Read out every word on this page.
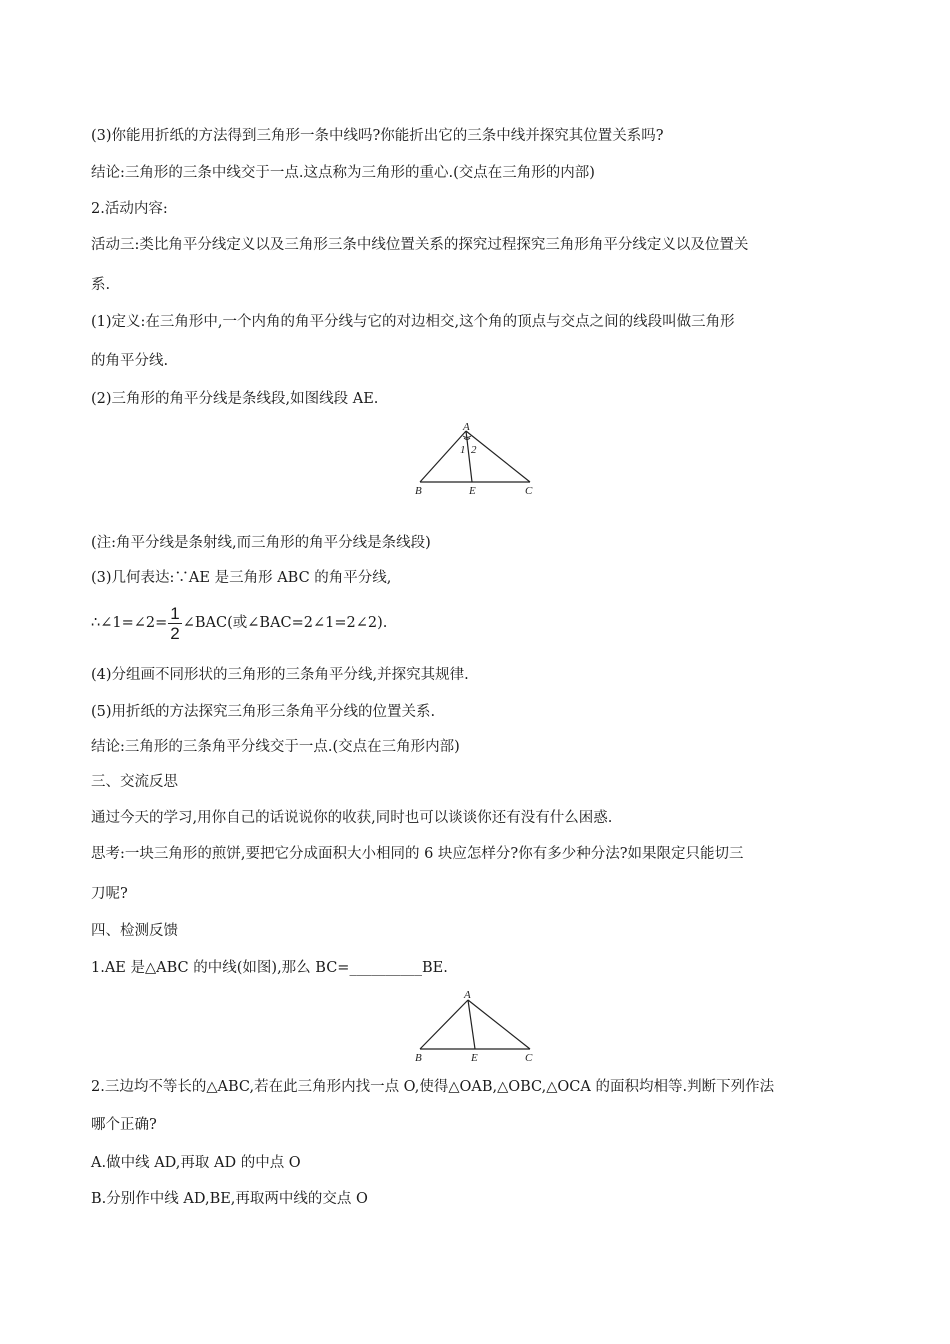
(3)你能用折纸的方法得到三角形一条中线吗?你能折出它的三条中线并探究其位置关系吗?
结论:三角形的三条中线交于一点.这点称为三角形的重心.(交点在三角形的内部)
2.活动内容:
活动三:类比角平分线定义以及三角形三条中线位置关系的探究过程探究三角形角平分线定义以及位置关
系.
(1)定义:在三角形中,一个内角的角平分线与它的对边相交,这个角的顶点与交点之间的线段叫做三角形
的角平分线.
(2)三角形的角平分线是条线段,如图线段 AE.
A
1 2
B	E	C
(注:角平分线是条射线,而三角形的角平分线是条线段)
(3)几何表达:∵AE 是三角形 ABC 的角平分线,
∴∠1=∠2= $\frac{1}{2}$ ∠BAC(或∠BAC=2∠1=2∠2).
(4)分组画不同形状的三角形的三条角平分线,并探究其规律.
(5)用折纸的方法探究三角形三条角平分线的位置关系.
结论:三角形的三条角平分线交于一点.(交点在三角形内部)
三、交流反思
通过今天的学习,用你自己的话说说你的收获,同时也可以谈谈你还有没有什么困惑.
思考:一块三角形的煎饼,要把它分成面积大小相同的 6 块应怎样分?你有多少种分法?如果限定只能切三
刀呢?
四、检测反馈
1.AE 是△ABC 的中线(如图),那么 BC=__________BE.
A
B	E	C
2.三边均不等长的△ABC,若在此三角形内找一点 O,使得△OAB,△OBC,△OCA 的面积均相等.判断下列作法
哪个正确?
A.做中线 AD,再取 AD 的中点 O
B.分别作中线 AD,BE,再取两中线的交点 O
